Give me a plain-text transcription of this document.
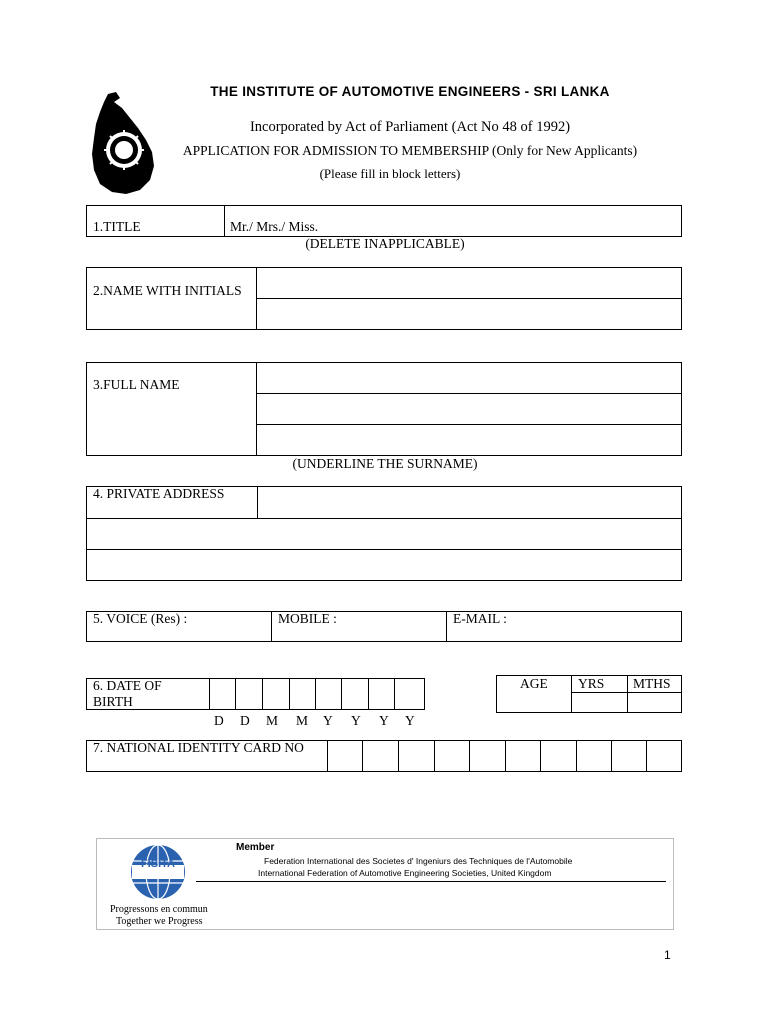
THE INSTITUTE OF AUTOMOTIVE ENGINEERS - SRI LANKA
Incorporated by Act of Parliament (Act No 48 of 1992)
APPLICATION FOR ADMISSION TO MEMBERSHIP (Only for New Applicants)
(Please fill in block letters)
1.TITLE	Mr./ Mrs./ Miss.
(DELETE INAPPLICABLE)
2.NAME WITH INITIALS
3.FULL NAME
(UNDERLINE THE SURNAME)
4. PRIVATE ADDRESS
5. VOICE (Res) :	MOBILE :	E-MAIL :
6. DATE OF
BIRTH
D D M M Y Y Y Y
AGE YRS MTHS
7. NATIONAL IDENTITY CARD NO
FISITA
Member
Federation International des Societes d' Ingeniurs des Techniques de l'Automobile
International Federation of Automotive Engineering Societies, United Kingdom
Progressons en commun
Together we Progress
1
